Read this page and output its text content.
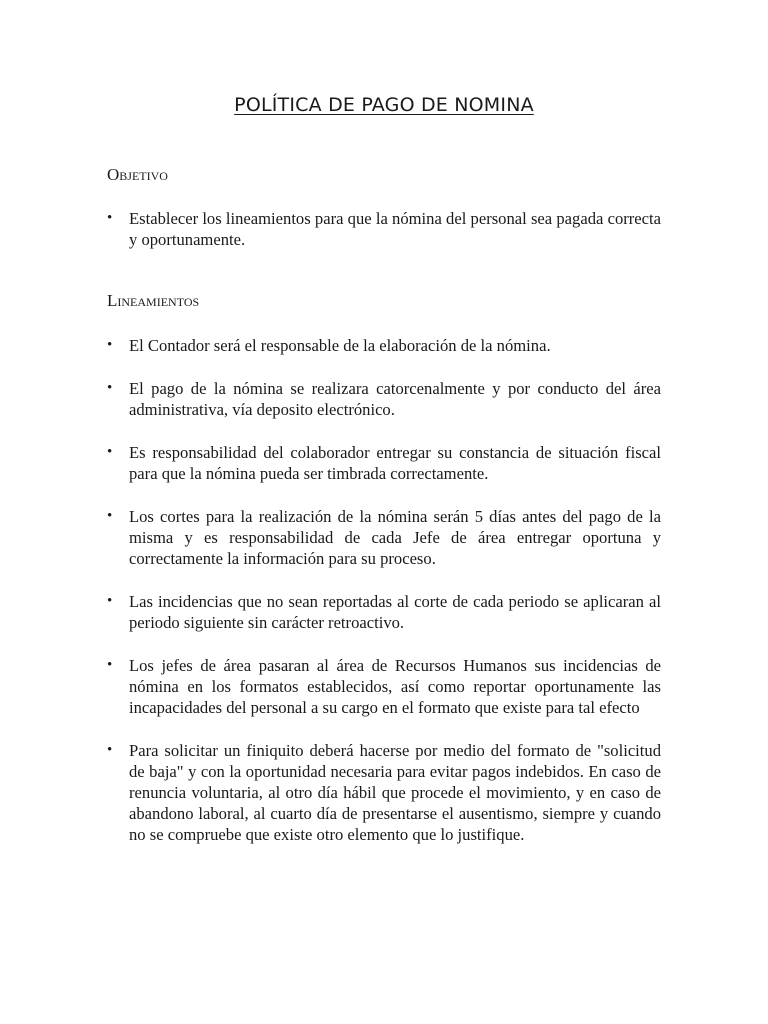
POLÍTICA DE PAGO DE NOMINA
Objetivo
•	Establecer los lineamientos para que la nómina del personal sea pagada correcta y oportunamente.
Lineamientos
•	El Contador será el responsable de la elaboración de la nómina.
•	El pago de la nómina se realizara catorcenalmente y por conducto del área administrativa, vía deposito electrónico.
•	Es responsabilidad del colaborador entregar su constancia de situación fiscal para que la nómina pueda ser timbrada correctamente.
•	Los cortes para la realización de la nómina serán 5 días antes del pago de la misma y es responsabilidad de cada Jefe de área entregar oportuna y correctamente la información para su proceso.
•	Las incidencias que no sean reportadas al corte de cada periodo se aplicaran al periodo siguiente sin carácter retroactivo.
•	Los jefes de área pasaran al área de Recursos Humanos sus incidencias de nómina en los formatos establecidos, así como reportar oportunamente las incapacidades del personal a su cargo en el formato que existe para tal efecto
•	Para solicitar un finiquito deberá hacerse por medio del formato de "solicitud de baja" y con la oportunidad necesaria para evitar pagos indebidos. En caso de renuncia voluntaria, al otro día hábil que procede el movimiento, y en caso de abandono laboral, al cuarto día de presentarse el ausentismo, siempre y cuando no se compruebe que existe otro elemento que lo justifique.
